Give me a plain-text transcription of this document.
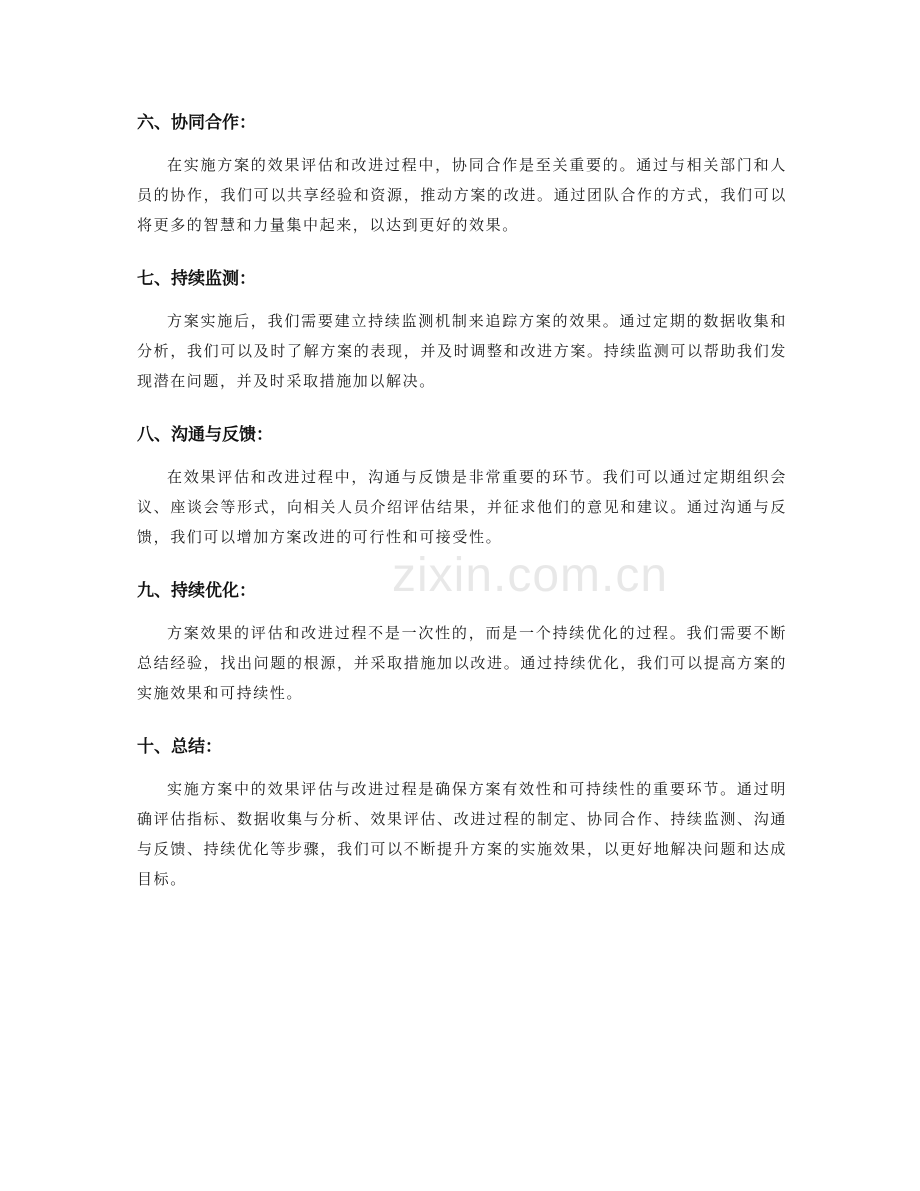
六、协同合作：

在实施方案的效果评估和改进过程中，协同合作是至关重要的。通过与相关部门和人员的协作，我们可以共享经验和资源，推动方案的改进。通过团队合作的方式，我们可以将更多的智慧和力量集中起来，以达到更好的效果。

七、持续监测：

方案实施后，我们需要建立持续监测机制来追踪方案的效果。通过定期的数据收集和分析，我们可以及时了解方案的表现，并及时调整和改进方案。持续监测可以帮助我们发现潜在问题，并及时采取措施加以解决。

八、沟通与反馈：

在效果评估和改进过程中，沟通与反馈是非常重要的环节。我们可以通过定期组织会议、座谈会等形式，向相关人员介绍评估结果，并征求他们的意见和建议。通过沟通与反馈，我们可以增加方案改进的可行性和可接受性。

九、持续优化：

方案效果的评估和改进过程不是一次性的，而是一个持续优化的过程。我们需要不断总结经验，找出问题的根源，并采取措施加以改进。通过持续优化，我们可以提高方案的实施效果和可持续性。

十、总结：

实施方案中的效果评估与改进过程是确保方案有效性和可持续性的重要环节。通过明确评估指标、数据收集与分析、效果评估、改进过程的制定、协同合作、持续监测、沟通与反馈、持续优化等步骤，我们可以不断提升方案的实施效果，以更好地解决问题和达成目标。

zixin.com.cn
